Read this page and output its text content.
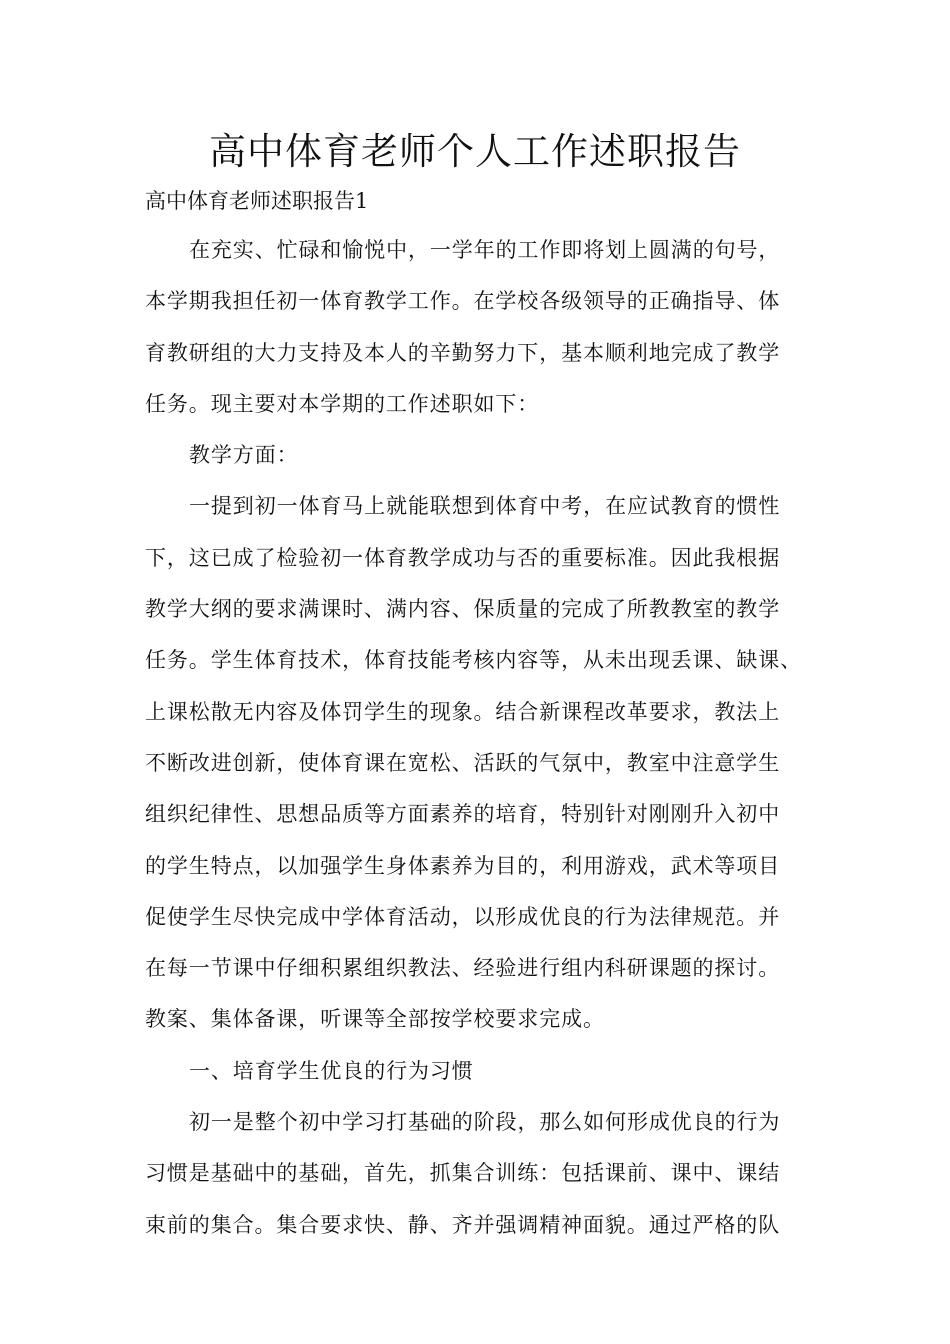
高中体育老师个人工作述职报告

高中体育老师述职报告1

在充实、忙碌和愉悦中，一学年的工作即将划上圆满的句号，

本学期我担任初一体育教学工作。在学校各级领导的正确指导、体

育教研组的大力支持及本人的辛勤努力下，基本顺利地完成了教学

任务。现主要对本学期的工作述职如下：

教学方面：

一提到初一体育马上就能联想到体育中考，在应试教育的惯性

下，这已成了检验初一体育教学成功与否的重要标准。因此我根据

教学大纲的要求满课时、满内容、保质量的完成了所教教室的教学

任务。学生体育技术，体育技能考核内容等，从未出现丢课、缺课、

上课松散无内容及体罚学生的现象。结合新课程改革要求，教法上

不断改进创新，使体育课在宽松、活跃的气氛中，教室中注意学生

组织纪律性、思想品质等方面素养的培育，特别针对刚刚升入初中

的学生特点，以加强学生身体素养为目的，利用游戏，武术等项目

促使学生尽快完成中学体育活动，以形成优良的行为法律规范。并

在每一节课中仔细积累组织教法、经验进行组内科研课题的探讨。

教案、集体备课，听课等全部按学校要求完成。

一、培育学生优良的行为习惯

初一是整个初中学习打基础的阶段，那么如何形成优良的行为

习惯是基础中的基础，首先，抓集合训练：包括课前、课中、课结

束前的集合。集合要求快、静、齐并强调精神面貌。通过严格的队
